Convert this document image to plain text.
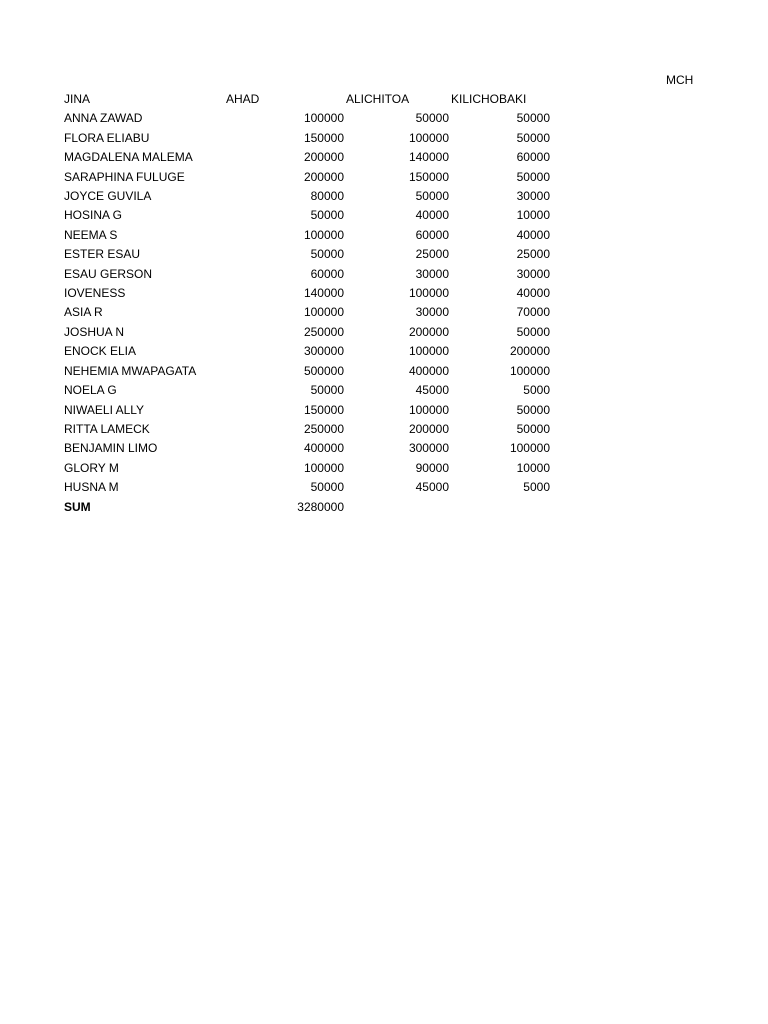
MCH
JINA	AHAD	ALICHITOA	KILICHOBAKI
ANNA ZAWAD	100000	50000	50000
FLORA ELIABU	150000	100000	50000
MAGDALENA MALEMA	200000	140000	60000
SARAPHINA FULUGE	200000	150000	50000
JOYCE GUVILA	80000	50000	30000
HOSINA G	50000	40000	10000
NEEMA S	100000	60000	40000
ESTER ESAU	50000	25000	25000
ESAU GERSON	60000	30000	30000
IOVENESS	140000	100000	40000
ASIA R	100000	30000	70000
JOSHUA N	250000	200000	50000
ENOCK ELIA	300000	100000	200000
NEHEMIA MWAPAGATA	500000	400000	100000
NOELA G	50000	45000	5000
NIWAELI ALLY	150000	100000	50000
RITTA LAMECK	250000	200000	50000
BENJAMIN LIMO	400000	300000	100000
GLORY M	100000	90000	10000
HUSNA M	50000	45000	5000
SUM	3280000		
